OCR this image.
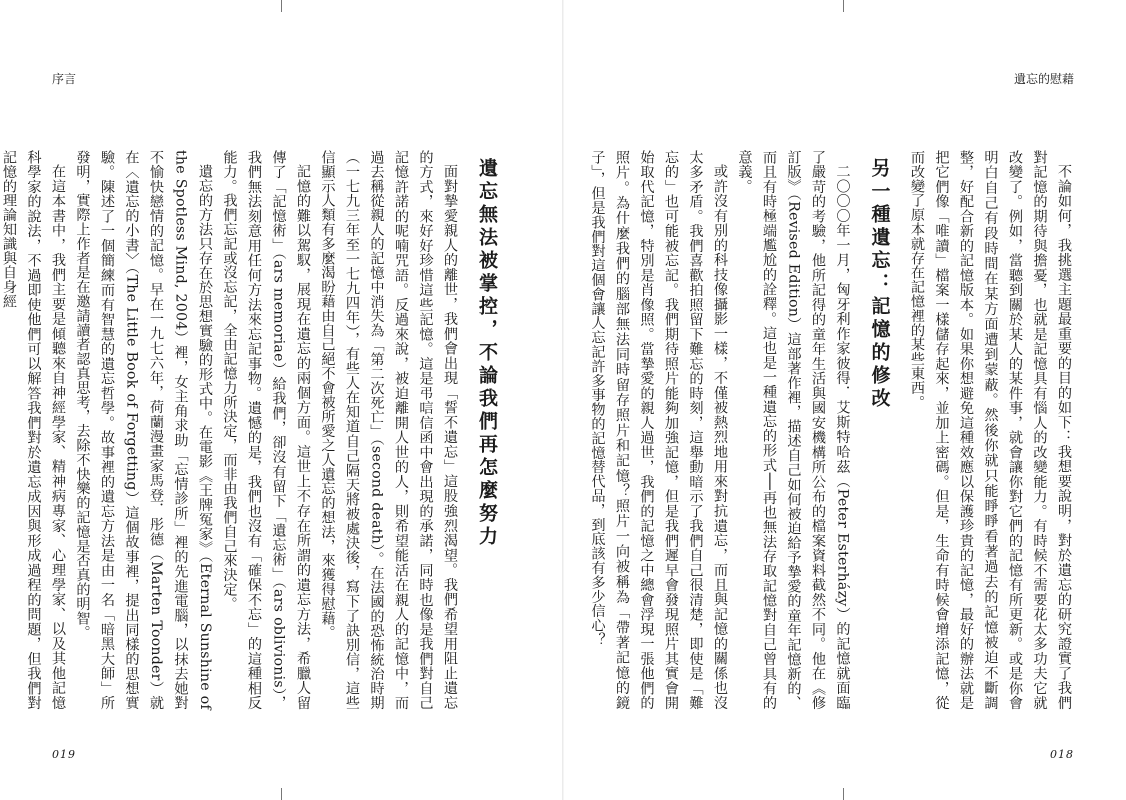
序言
遺忘無法被掌控，不論我們再怎麼努力

面對摯愛親人的離世，我們會出現「誓不遺忘」這股強烈渴望。我們希望用阻止遺忘的方式，來好好珍惜這些記憶。這是弔唁信函中會出現的承諾，同時也像是我們對自己記憶許諾的呢喃咒語。反過來說，被迫離開人世的人，則希望能活在親人的記憶中，而過去稱從親人的記憶中消失為「第二次死亡」（second death）。在法國的恐怖統治時期（一七九三年至一七九四年），有些人在知道自己隔天將被處決後，寫下了訣別信，這些信顯示人類有多麼渴盼藉由自己絕不會被所愛之人遺忘的想法，來獲得慰藉。

記憶的難以駕馭，展現在遺忘的兩個方面。這世上不存在所謂的遺忘方法，希臘人留傳了「記憶術」（ars memoriae）給我們，卻沒有留下「遺忘術」（ars oblivionis），我們無法刻意用任何方法來忘記事物。遺憾的是，我們也沒有「確保不忘」的這種相反能力。我們忘記或沒忘記，全由記憶力所決定，而非由我們自己來決定。

遺忘的方法只存在於思想實驗的形式中。在電影《王牌冤家》（Eternal Sunshine of the Spotless Mind, 2004）裡，女主角求助「忘情診所」裡的先進電腦，以抹去她對不愉快戀情的記憶。早在一九七六年，荷蘭漫畫家馬登．彤德（Marten Toonder）就在〈遺忘的小書〉（The Little Book of Forgetting）這個故事裡，提出同樣的思想實驗。陳述了一個簡練而有智慧的遺忘哲學。故事裡的遺忘方法是由一名「暗黑大師」所發明，實際上作者是在邀請讀者認真思考，去除不快樂的記憶是否真的明智。

在這本書中，我們主要是傾聽來自神經學家、精神病專家、心理學家、以及其他記憶科學家的說法，不過即使他們可以解答我們對於遺忘成因與形成過程的問題，但我們對記憶的理論知識與自身經

019
遺忘的慰藉

不論如何，我挑選主題最重要的目的如下：我想要說明，對於遺忘的研究證實了我們對記憶的期待與擔憂，也就是記憶具有惱人的改變能力。有時候不需要花太多功夫它就改變了。例如，當聽到關於某人的某件事，就會讓你對它們的記憶有所更新。或是你會明白自己有段時間在某方面遭到蒙蔽。然後你就只能睜睜看著過去的記憶被迫不斷調整，好配合新的記憶版本。如果你想避免這種效應以保護珍貴的記憶，最好的辦法就是把它們像「唯讀」檔案一樣儲存起來，並加上密碼。但是，生命有時候會增添記憶，從而改變了原本就存在記憶裡的某些東西。

另一種遺忘：記憶的修改

二〇〇〇年一月，匈牙利作家彼得．艾斯特哈茲（Peter Esterházy）的記憶就面臨了嚴苛的考驗，他所記得的童年生活與國安機構所公布的檔案資料截然不同。他在《修訂版》（Revised Edition）這部著作裡，描述自己如何被迫給予摯愛的童年記憶新的、而且有時極端尷尬的詮釋。這也是一種遺忘的形式──再也無法存取記憶對自己曾具有的意義。

或許沒有別的科技像攝影一樣，不僅被熱烈地用來對抗遺忘，而且與記憶的關係也沒太多矛盾。我們喜歡拍照留下難忘的時刻，這舉動暗示了我們自己很清楚，即使是「難忘的」也可能被忘記。我們期待照片能夠加強記憶，但是我們遲早會發現照片其實會開始取代記憶，特別是肖像照。當摯愛的親人過世，我們的記憶之中總會浮現一張他們的照片。為什麼我們的腦部無法同時留存照片和記憶？照片一向被稱為「帶著記憶的鏡子」，但是我們對這個會讓人忘記許多事物的記憶替代品，到底該有多少信心？

018
